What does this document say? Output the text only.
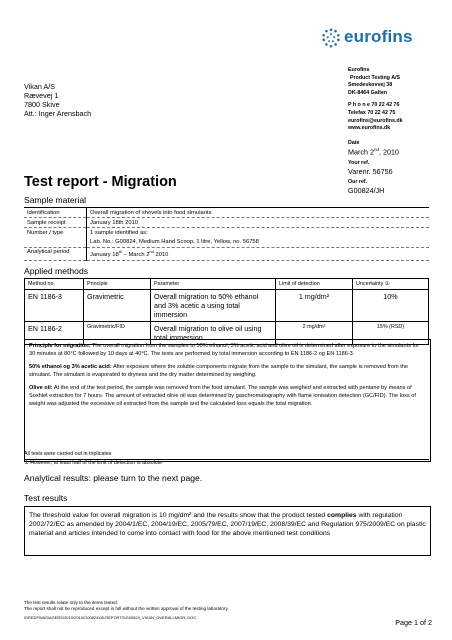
eurofins
Vikan A/S
Rævevej 1
7800 Skive
Att.: Inger Arensbach
Eurofins
Product Testing A/S
Smedeskovvej 38
DK-8464 Galten
P h o n e 70 22 42 76
Telefax 70 22 42 75
eurofins@eurofins.dk
www.eurofins.dk
Date
March 2nd, 2010
Your ref.
Varenr. 56756
Our ref.
G00824/JH
Test report - Migration
Sample material
Identification	Overall migration of shovels into food simulants
Sample receipt	January 18th 2010
Number / type	1 sample identified as:
Lab. No.: G00824, Medium Hand Scoop, 1 litre, Yellow, no. 56758

Analytical period	January 18th – March 2nd 2010
Applied methods
Method no.	Principle	Parameter	Limit of detection	Uncertainty ①
EN 1186-3	Gravimetric	Overall migration to 50% ethanol and 3% acetic a using total immersion	1 mg/dm²	10%
EN 1186-2	Gravimetric/FID	Overall migration to olive oil using total immersion	2 mg/dm²	15% (RSD)

Principle for migration: The overall migration from the samples to 50% ethanol, 3% acetic acid and olive oil is determined after exposure to the simulants for 30 minutes at 80°C followed by 10 days at 40°C. The tests are performed by total immersion according to EN 1186-2 og EN 1186-3.

50% ethanol og 3% acetic acid: After exposure where the soluble components migrate from the sample to the simulant, the sample is removed from the simulant. The simulant is evaporated to dryness and the dry matter determined by weighing.

Olive oil: At the end of the test period, the sample was removed from the food simulant. The sample was weighed and extracted with pentane by means of Soxhlet extraction for 7 hours. The amount of extracted olive oil was determined by gaschromatography with flame ionisation detection (GC/FID). The loss of weight was adjusted the excessive oil extracted from the sample and the calculated loss equals the total migration.

All tests were carried out in triplicates
① However, at least half of the limit of detection is absolute
Analytical results: please turn to the next page.
Test results
The threshold value for overall migration is 10 mg/dm² and the results show that the product tested complies with regulation 2002/72/EC as amended by 2004/1/EC, 2004/19/EC, 2005/79/EC, 2007/19/EC, 2008/39/EC and Regulation 975/2009/EC on plastic material and articles intended to come into contact with food for the above mentioned test conditions
The test results relate only to the items tested.
The report shall not be reproduced except in full without the written approval of the testing laboratory.
\DREDFWAS\AGERS\2010\2010\G00824\05-REPORTS\G00824_VIKAN_OVERALLMIGR..DOC
Page 1 of 2
